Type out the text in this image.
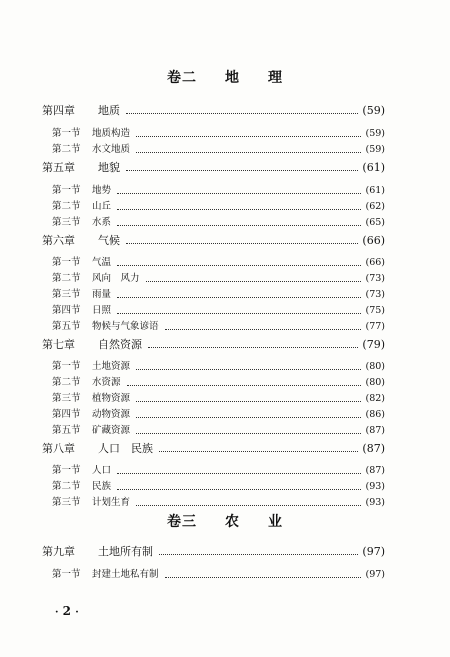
卷二 地 理
第四章 地质	(59)
第一节 地质构造	(59)
第二节 水文地质	(59)
第五章 地貌	(61)
第一节 地势	(61)
第二节 山丘	(62)
第三节 水系	(65)
第六章 气候	(66)
第一节 气温	(66)
第二节 风向　风力	(73)
第三节 雨量	(73)
第四节 日照	(75)
第五节 物候与气象谚语	(77)
第七章 自然资源	(79)
第一节 土地资源	(80)
第二节 水资源	(80)
第三节 植物资源	(82)
第四节 动物资源	(86)
第五节 矿藏资源	(87)
第八章 人口　民族	(87)
第一节 人口	(87)
第二节 民族	(93)
第三节 计划生育	(93)
卷三 农 业
第九章 土地所有制	(97)
第一节 封建土地私有制	(97)
· 2 ·
